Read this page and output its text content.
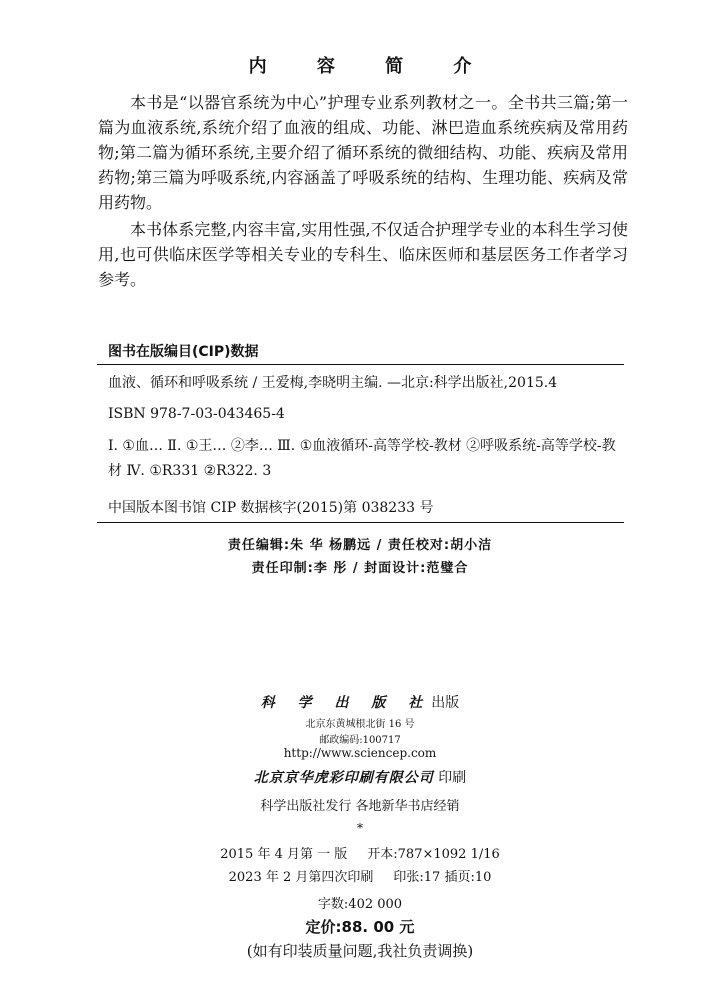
内 容 简 介

本书是“以器官系统为中心”护理专业系列教材之一。全书共三篇;第一篇为血液系统,系统介绍了血液的组成、功能、淋巴造血系统疾病及常用药物;第二篇为循环系统,主要介绍了循环系统的微细结构、功能、疾病及常用药物;第三篇为呼吸系统,内容涵盖了呼吸系统的结构、生理功能、疾病及常用药物。

本书体系完整,内容丰富,实用性强,不仅适合护理学专业的本科生学习使用,也可供临床医学等相关专业的专科生、临床医师和基层医务工作者学习参考。

图书在版编目(CIP)数据

血液、循环和呼吸系统 / 王爱梅,李晓明主编. —北京:科学出版社,2015.4

ISBN 978-7-03-043465-4

Ⅰ. ①血… Ⅱ. ①王… ②李… Ⅲ. ①血液循环-高等学校-教材 ②呼吸系统-高等学校-教材 Ⅳ. ①R331 ②R322. 3

中国版本图书馆 CIP 数据核字(2015)第 038233 号

责任编辑:朱 华 杨鹏远 / 责任校对:胡小洁
责任印制:李 彤 / 封面设计:范璧合
科 学 出 版 社出版
北京东黄城根北街 16 号
邮政编码:100717
http://www.sciencep.com
北京京华虎彩印刷有限公司 印刷
科学出版社发行 各地新华书店经销
*
2015 年 4 月第 一 版 开本:787×1092 1/16
2023 年 2 月第四次印刷 印张:17 插页:10
字数:402 000
定价:88. 00 元
(如有印装质量问题,我社负责调换)
